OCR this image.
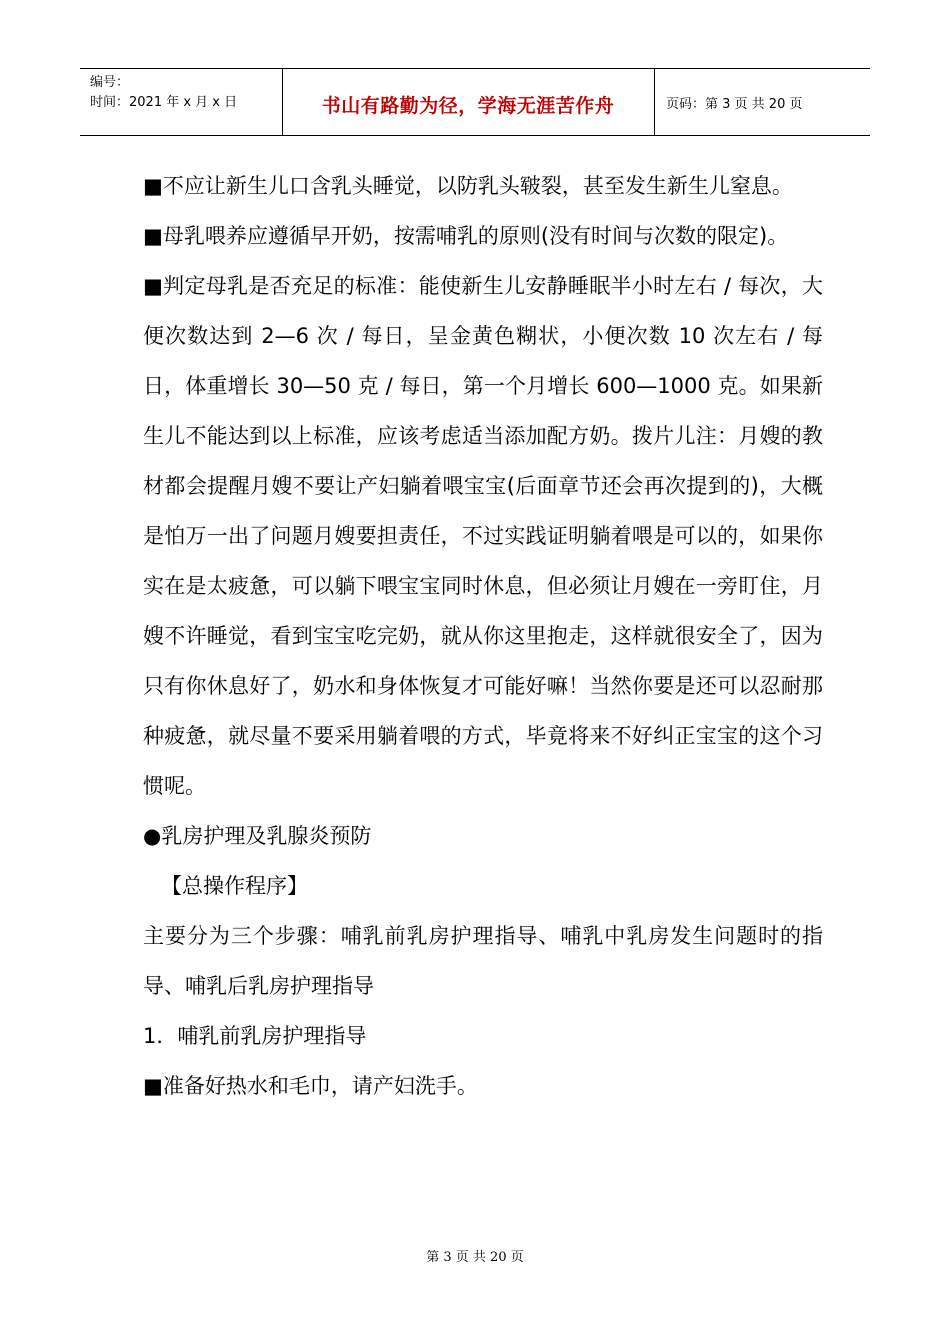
编号：
时间：2021 年 x 月 x 日	书山有路勤为径，学海无涯苦作舟	页码：第 3 页 共 20 页

■不应让新生儿口含乳头睡觉，以防乳头皲裂，甚至发生新生儿窒息。

■母乳喂养应遵循早开奶，按需哺乳的原则(没有时间与次数的限定)。

■判定母乳是否充足的标准：能使新生儿安静睡眠半小时左右 / 每次，大便次数达到 2—6 次 / 每日，呈金黄色糊状，小便次数 10 次左右 / 每日，体重增长 30—50 克 / 每日，第一个月增长 600—1000 克。如果新生儿不能达到以上标准，应该考虑适当添加配方奶。拨片儿注：月嫂的教材都会提醒月嫂不要让产妇躺着喂宝宝(后面章节还会再次提到的)，大概是怕万一出了问题月嫂要担责任，不过实践证明躺着喂是可以的，如果你实在是太疲惫，可以躺下喂宝宝同时休息，但必须让月嫂在一旁盯住，月嫂不许睡觉，看到宝宝吃完奶，就从你这里抱走，这样就很安全了，因为只有你休息好了，奶水和身体恢复才可能好嘛！当然你要是还可以忍耐那种疲惫，就尽量不要采用躺着喂的方式，毕竟将来不好纠正宝宝的这个习惯呢。

●乳房护理及乳腺炎预防

【总操作程序】

主要分为三个步骤：哺乳前乳房护理指导、哺乳中乳房发生问题时的指导、哺乳后乳房护理指导

1．哺乳前乳房护理指导

■准备好热水和毛巾，请产妇洗手。

第 3 页 共 20 页
